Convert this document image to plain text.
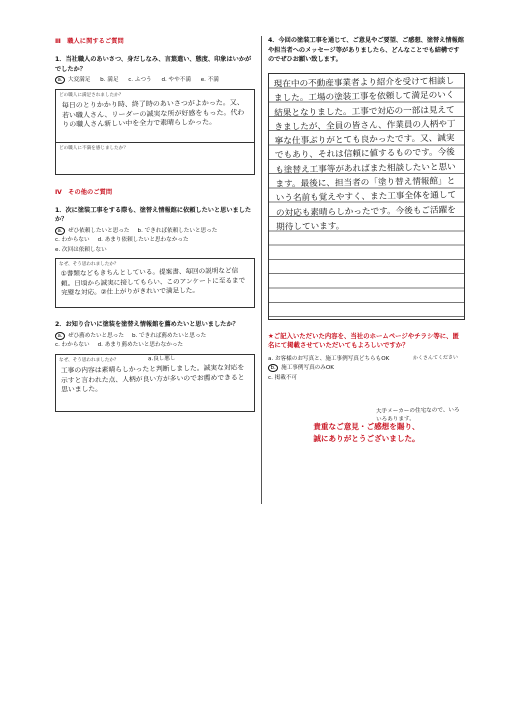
Ⅲ　職人に関するご質問
1．当社職人のあいさつ、身だしなみ、言葉遣い、態度、印象はいかがでしたか？
a. 大変満足 b. 満足 c. ふつう d. やや不満 e. 不満
どの職人に満足されましたか？
毎日のとりかかり時、終了時のあいさつがよかった。又、若い職人さん、リーダーの誠実な所が好感をもった。代わりの職人さん新しい中を全力で素晴らしかった。
どの職人に不満を感じましたか？
Ⅳ　その他のご質問
1．次に塗装工事をする際も、塗替え情報館に依頼したいと思いましたか？
a. ぜひ依頼したいと思った b. できれば依頼したいと思った
c. わからない d. あまり依頼したいと思わなかった
e. 次回は依頼しない
なぜ、そう思われましたか？
①書類などもきちんとしている。提案書、毎回の説明など信頼。日頃から誠実に接してもらい、このアンケートに至るまで完璧な対応。②仕上がりがきれいで満足した。
2．お知り合いに塗装を塗替え情報館を薦めたいと思いましたか？
a. ぜひ薦めたいと思った b. できれば薦めたいと思った
c. わからない d. あまり薦めたいと思わなかった
なぜ、そう思われましたか？	a.良し悪し
工事の内容は素晴らしかったと判断しました。誠実な対応を示すと言われた点、人柄が良い方が多いのでお薦めできると思いました。
4．今回の塗装工事を通じて、ご意見やご要望、ご感想、塗替え情報館や担当者へのメッセージ等がありましたら、どんなことでも結構ですのでぜひお願い致します。
現在中の不動産事業者より紹介を受けて相談しました。工場の塗装工事を依頼して満足のいく結果となりました。工事で対応の一部は見えてきましたが、全員の皆さん、作業員の人柄や丁寧な仕事ぶりがとても良かったです。又、誠実でもあり、それは信頼に値するものです。今後も塗替え工事等があればまた相談したいと思います。最後に、担当者の「塗り替え情報館」という名前も覚えやすく、また工事全体を通しての対応も素晴らしかったです。今後もご活躍を期待しています。
かくさんてください
★ご記入いただいた内容を、当社のホームページやチラシ等に、匿名にて掲載させていただいてもよろしいですか？
a. お客様のお写真と、施工事例写真どちらもOK
b. 施工事例写真のみOK
c. 掲載不可
大手メーカーの住宅なので、いろいろあります。
貴重なご意見・ご感想を賜り、
誠にありがとうございました。
